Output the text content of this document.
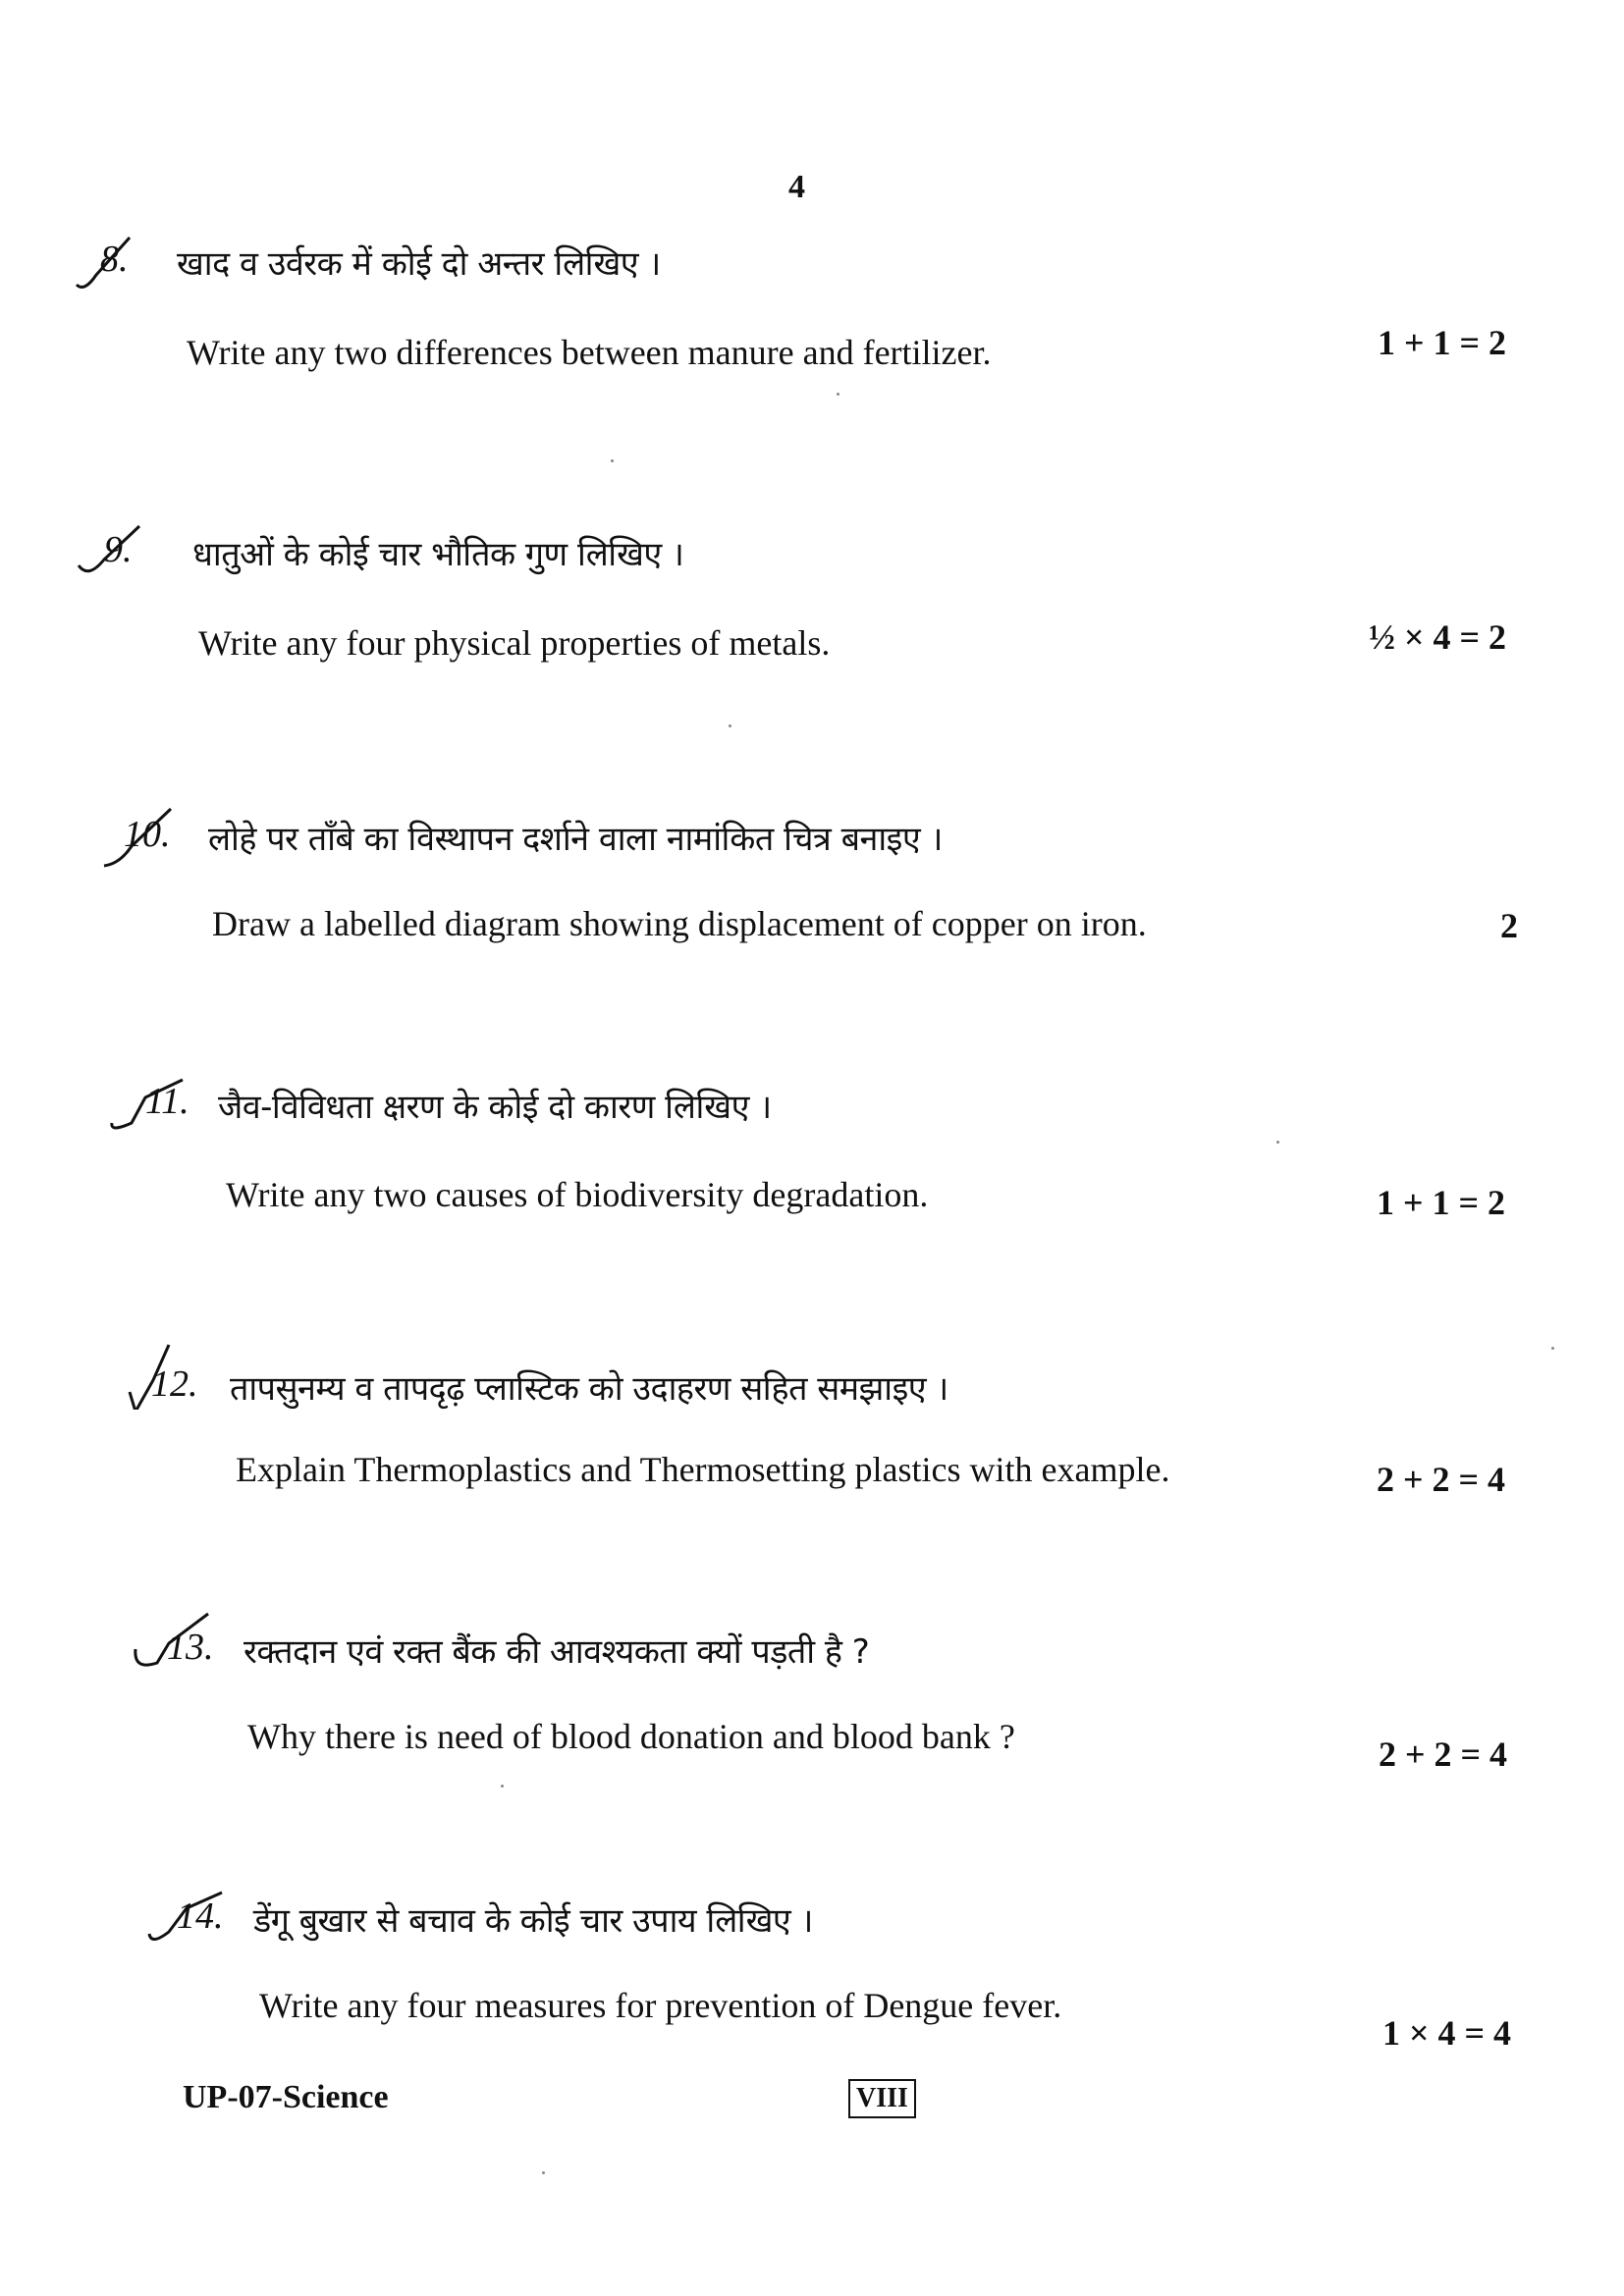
4
8. खाद व उर्वरक में कोई दो अन्तर लिखिए ।
Write any two differences between manure and fertilizer.	1 + 1 = 2
9. धातुओं के कोई चार भौतिक गुण लिखिए ।
Write any four physical properties of metals.	½ × 4 = 2
10. लोहे पर ताँबे का विस्थापन दर्शाने वाला नामांकित चित्र बनाइए ।
Draw a labelled diagram showing displacement of copper on iron.	2
11. जैव-विविधता क्षरण के कोई दो कारण लिखिए ।
Write any two causes of biodiversity degradation.	1 + 1 = 2
12. तापसुनम्य व तापदृढ़ प्लास्टिक को उदाहरण सहित समझाइए ।
Explain Thermoplastics and Thermosetting plastics with example.	2 + 2 = 4
13. रक्तदान एवं रक्त बैंक की आवश्यकता क्यों पड़ती है ?
Why there is need of blood donation and blood bank ?	2 + 2 = 4
14. डेंगू बुखार से बचाव के कोई चार उपाय लिखिए ।
Write any four measures for prevention of Dengue fever.
1 × 4 = 4
UP-07-Science	VIII
